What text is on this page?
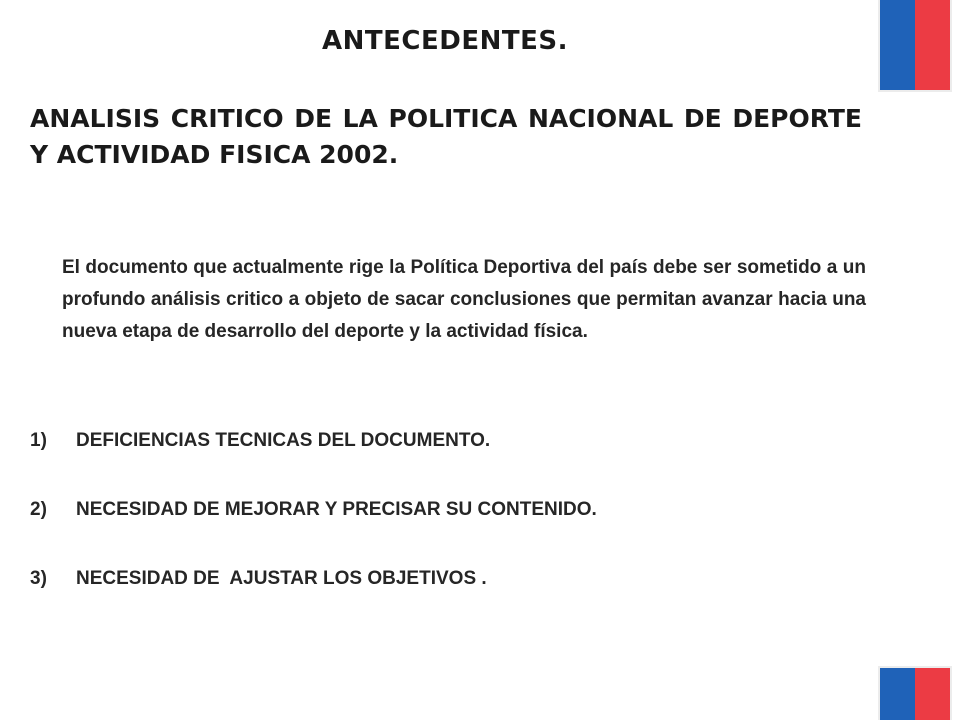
ANTECEDENTES.
ANALISIS CRITICO DE LA POLITICA NACIONAL DE DEPORTE Y ACTIVIDAD FISICA 2002.

El documento que actualmente rige la Política Deportiva del país debe ser sometido a un profundo análisis critico a objeto de sacar conclusiones que permitan avanzar hacia una nueva etapa de desarrollo del deporte y la actividad física.

1)	DEFICIENCIAS TECNICAS DEL DOCUMENTO.
2)	NECESIDAD DE MEJORAR Y PRECISAR SU CONTENIDO.
3)	NECESIDAD DE  AJUSTAR LOS OBJETIVOS .
